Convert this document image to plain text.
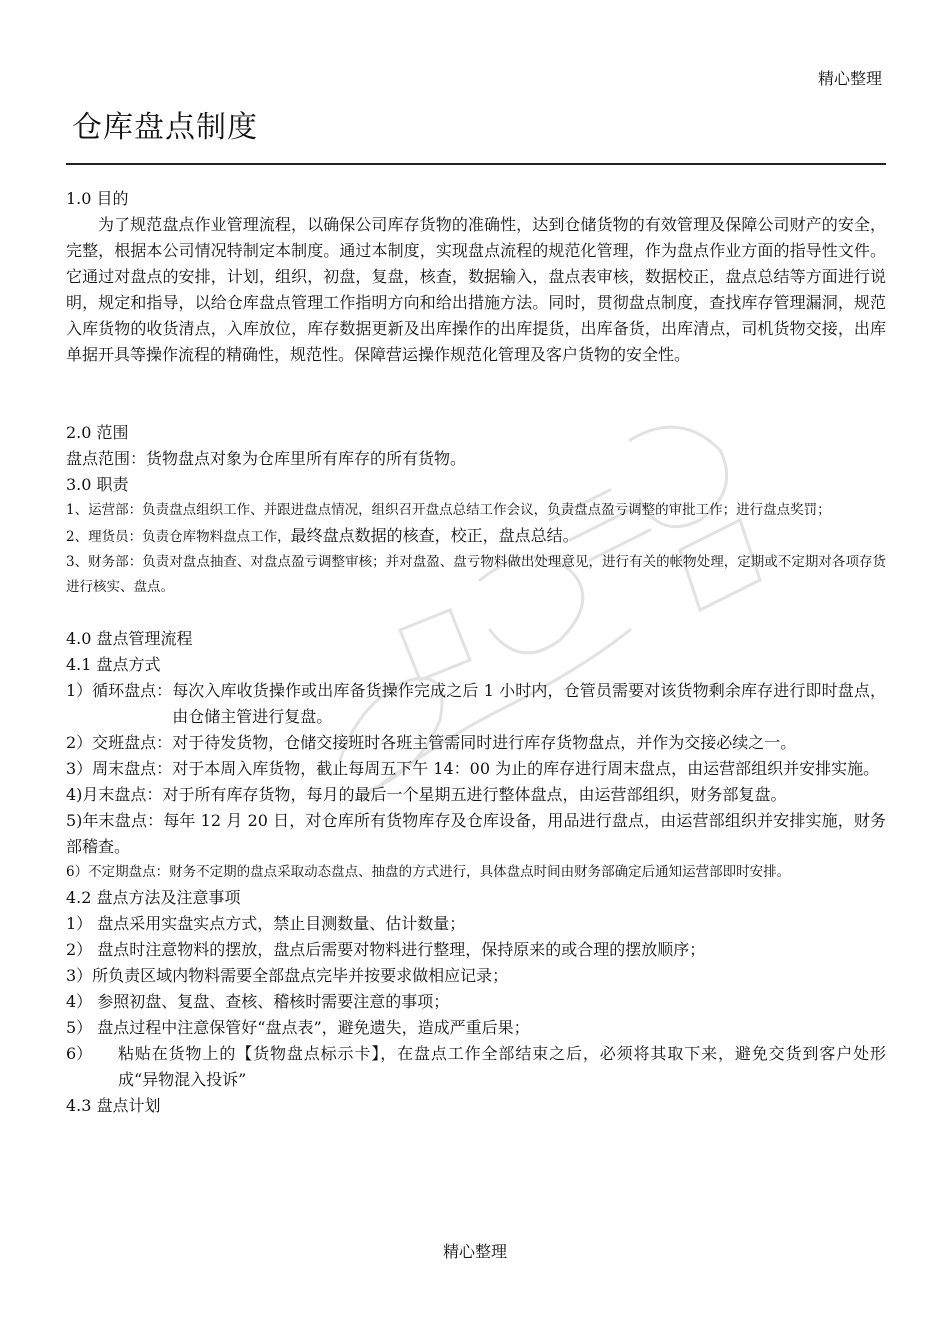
精心整理
仓库盘点制度

1.0 目的

为了规范盘点作业管理流程，以确保公司库存货物的准确性，达到仓储货物的有效管理及保障公司财产的安全，完整，根据本公司情况特制定本制度。通过本制度，实现盘点流程的规范化管理，作为盘点作业方面的指导性文件。它通过对盘点的安排，计划，组织，初盘，复盘，核查，数据输入，盘点表审核，数据校正，盘点总结等方面进行说明，规定和指导，以给仓库盘点管理工作指明方向和给出措施方法。同时，贯彻盘点制度，查找库存管理漏洞，规范入库货物的收货清点，入库放位，库存数据更新及出库操作的出库提货，出库备货，出库清点，司机货物交接，出库单据开具等操作流程的精确性，规范性。保障营运操作规范化管理及客户货物的安全性。

2.0 范围

盘点范围：货物盘点对象为仓库里所有库存的所有货物。

3.0 职责

1、运营部：负责盘点组织工作、并跟进盘点情况，组织召开盘点总结工作会议，负责盘点盈亏调整的审批工作；进行盘点奖罚；

2、理货员：负责仓库物料盘点工作，最终盘点数据的核查，校正，盘点总结。

3、财务部：负责对盘点抽查、对盘点盈亏调整审核；并对盘盈、盘亏物料做出处理意见，进行有关的帐物处理，定期或不定期对各项存货进行核实、盘点。

4.0 盘点管理流程

4.1 盘点方式

1）循环盘点： 每次入库收货操作或出库备货操作完成之后 1 小时内，仓管员需要对该货物剩余库存进行即时盘点，由仓储主管进行复盘。
2）交班盘点： 对于待发货物，仓储交接班时各班主管需同时进行库存货物盘点，并作为交接必续之一。
3）周末盘点： 对于本周入库货物，截止每周五下午 14：00 为止的库存进行周末盘点，由运营部组织并安排实施。
4)月末盘点： 对于所有库存货物，每月的最后一个星期五进行整体盘点，由运营部组织，财务部复盘。

5)年末盘点：每年 12 月 20 日，对仓库所有货物库存及仓库设备，用品进行盘点，由运营部组织并安排实施，财务部稽查。

6）不定期盘点：财务不定期的盘点采取动态盘点、抽盘的方式进行，具体盘点时间由财务部确定后通知运营部即时安排。

4.2 盘点方法及注意事项

1） 盘点采用实盘实点方式，禁止目测数量、估计数量；

2） 盘点时注意物料的摆放，盘点后需要对物料进行整理，保持原来的或合理的摆放顺序；

3）所负责区域内物料需要全部盘点完毕并按要求做相应记录；

4） 参照初盘、复盘、查核、稽核时需要注意的事项；

5） 盘点过程中注意保管好“盘点表”，避免遗失，造成严重后果；

6）	粘贴在货物上的【货物盘点标示卡】，在盘点工作全部结束之后，必须将其取下来，避免交货到客户处形成“异物混入投诉”

4.3 盘点计划

精心整理
